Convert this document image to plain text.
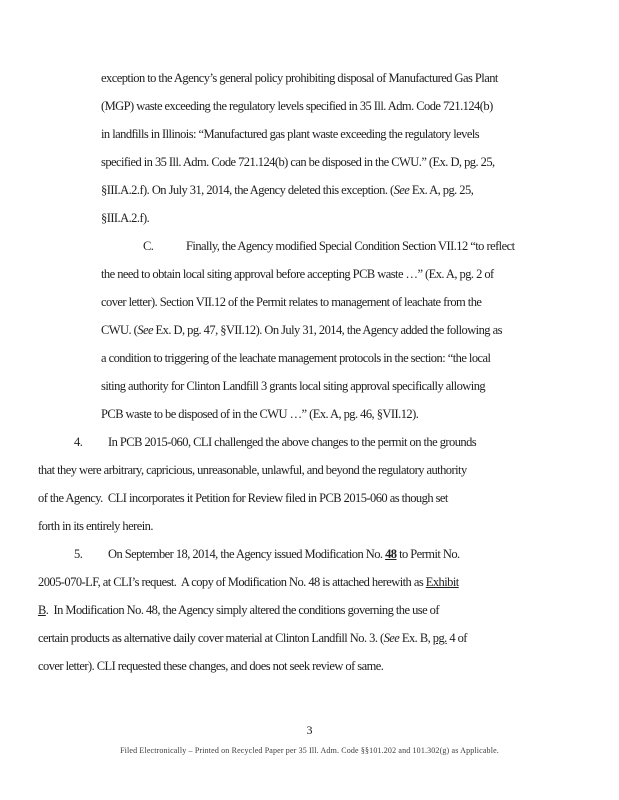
exception to the Agency’s general policy prohibiting disposal of Manufactured Gas Plant
(MGP) waste exceeding the regulatory levels specified in 35 Ill. Adm. Code 721.124(b)
in landfills in Illinois: “Manufactured gas plant waste exceeding the regulatory levels
specified in 35 Ill. Adm. Code 721.124(b) can be disposed in the CWU.” (Ex. D, pg. 25,
§III.A.2.f). On July 31, 2014, the Agency deleted this exception. (See Ex. A, pg. 25,
§III.A.2.f).
C.	Finally, the Agency modified Special Condition Section VII.12 “to reflect
the need to obtain local siting approval before accepting PCB waste …” (Ex. A, pg. 2 of
cover letter). Section VII.12 of the Permit relates to management of leachate from the
CWU. (See Ex. D, pg. 47, §VII.12). On July 31, 2014, the Agency added the following as
a condition to triggering of the leachate management protocols in the section: “the local
siting authority for Clinton Landfill 3 grants local siting approval specifically allowing
PCB waste to be disposed of in the CWU …” (Ex. A, pg. 46, §VII.12).
4. In PCB 2015-060, CLI challenged the above changes to the permit on the grounds
that they were arbitrary, capricious, unreasonable, unlawful, and beyond the regulatory authority
of the Agency.  CLI incorporates it Petition for Review filed in PCB 2015-060 as though set
forth in its entirely herein.
5. On September 18, 2014, the Agency issued Modification No. 48 to Permit No.
2005-070-LF, at CLI’s request.  A copy of Modification No. 48 is attached herewith as Exhibit
B.  In Modification No. 48, the Agency simply altered the conditions governing the use of
certain products as alternative daily cover material at Clinton Landfill No. 3. (See Ex. B, pg. 4 of
cover letter). CLI requested these changes, and does not seek review of same.
3
Filed Electronically – Printed on Recycled Paper per 35 Ill. Adm. Code §§101.202 and 101.302(g) as Applicable.
